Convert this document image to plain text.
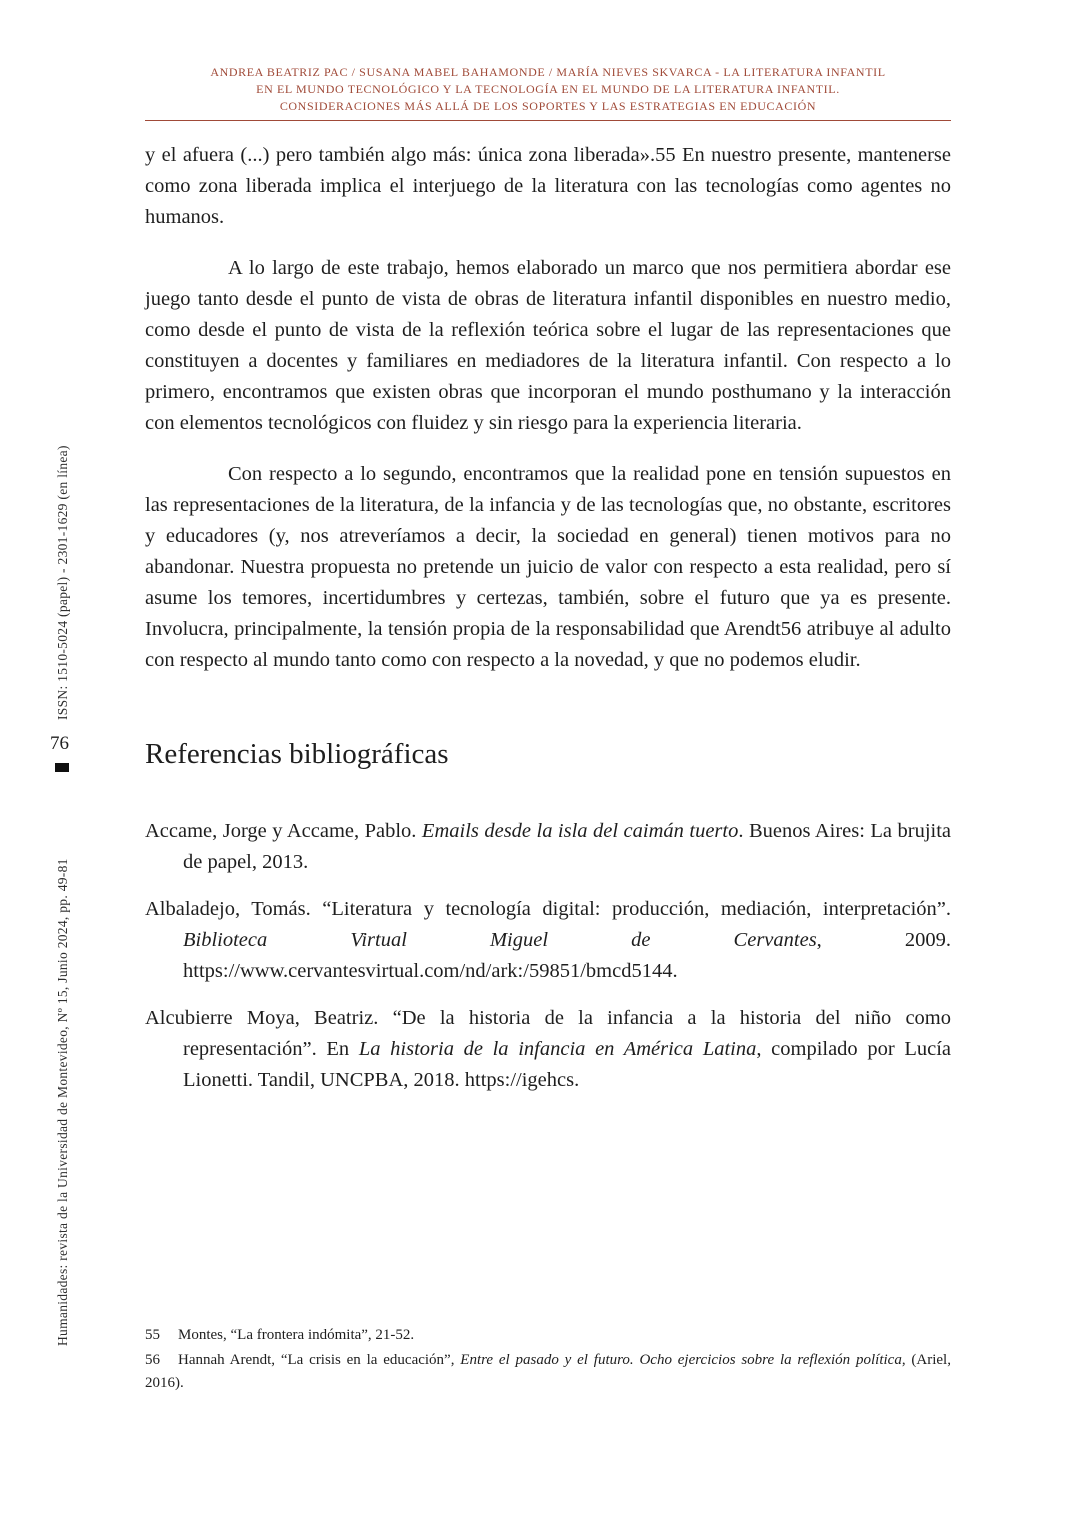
ANDREA BEATRIZ PAC / SUSANA MABEL BAHAMONDE / MARÍA NIEVES SKVARCA - LA LITERATURA INFANTIL
EN EL MUNDO TECNOLÓGICO Y LA TECNOLOGÍA EN EL MUNDO DE LA LITERATURA INFANTIL.
CONSIDERACIONES MÁS ALLÁ DE LOS SOPORTES Y LAS ESTRATEGIAS EN EDUCACIÓN
ISSN: 1510-5024 (papel) - 2301-1629 (en línea)
76
Humanidades: revista de la Universidad de Montevideo, Nº 15, Junio 2024, pp. 49-81

y el afuera (...) pero también algo más: única zona liberada».55 En nuestro presente, mantenerse como zona liberada implica el interjuego de la literatura con las tecnologías como agentes no humanos.

A lo largo de este trabajo, hemos elaborado un marco que nos permitiera abordar ese juego tanto desde el punto de vista de obras de literatura infantil disponibles en nuestro medio, como desde el punto de vista de la reflexión teórica sobre el lugar de las representaciones que constituyen a docentes y familiares en mediadores de la literatura infantil. Con respecto a lo primero, encontramos que existen obras que incorporan el mundo posthumano y la interacción con elementos tecnológicos con fluidez y sin riesgo para la experiencia literaria.

Con respecto a lo segundo, encontramos que la realidad pone en tensión supuestos en las representaciones de la literatura, de la infancia y de las tecnologías que, no obstante, escritores y educadores (y, nos atreveríamos a decir, la sociedad en general) tienen motivos para no abandonar. Nuestra propuesta no pretende un juicio de valor con respecto a esta realidad, pero sí asume los temores, incertidumbres y certezas, también, sobre el futuro que ya es presente. Involucra, principalmente, la tensión propia de la responsabilidad que Arendt56 atribuye al adulto con respecto al mundo tanto como con respecto a la novedad, y que no podemos eludir.

Referencias bibliográficas

Accame, Jorge y Accame, Pablo. Emails desde la isla del caimán tuerto. Buenos Aires: La brujita de papel, 2013.

Albaladejo, Tomás. “Literatura y tecnología digital: producción, mediación, interpretación”. Biblioteca Virtual Miguel de Cervantes, 2009. https://www.cervantesvirtual.com/nd/ark:/59851/bmcd5144.

Alcubierre Moya, Beatriz. “De la historia de la infancia a la historia del niño como representación”. En La historia de la infancia en América Latina, compilado por Lucía Lionetti. Tandil, UNCPBA, 2018. https://igehcs.

55 Montes, “La frontera indómita”, 21-52.

56 Hannah Arendt, “La crisis en la educación”, Entre el pasado y el futuro. Ocho ejercicios sobre la reflexión política, (Ariel, 2016).
